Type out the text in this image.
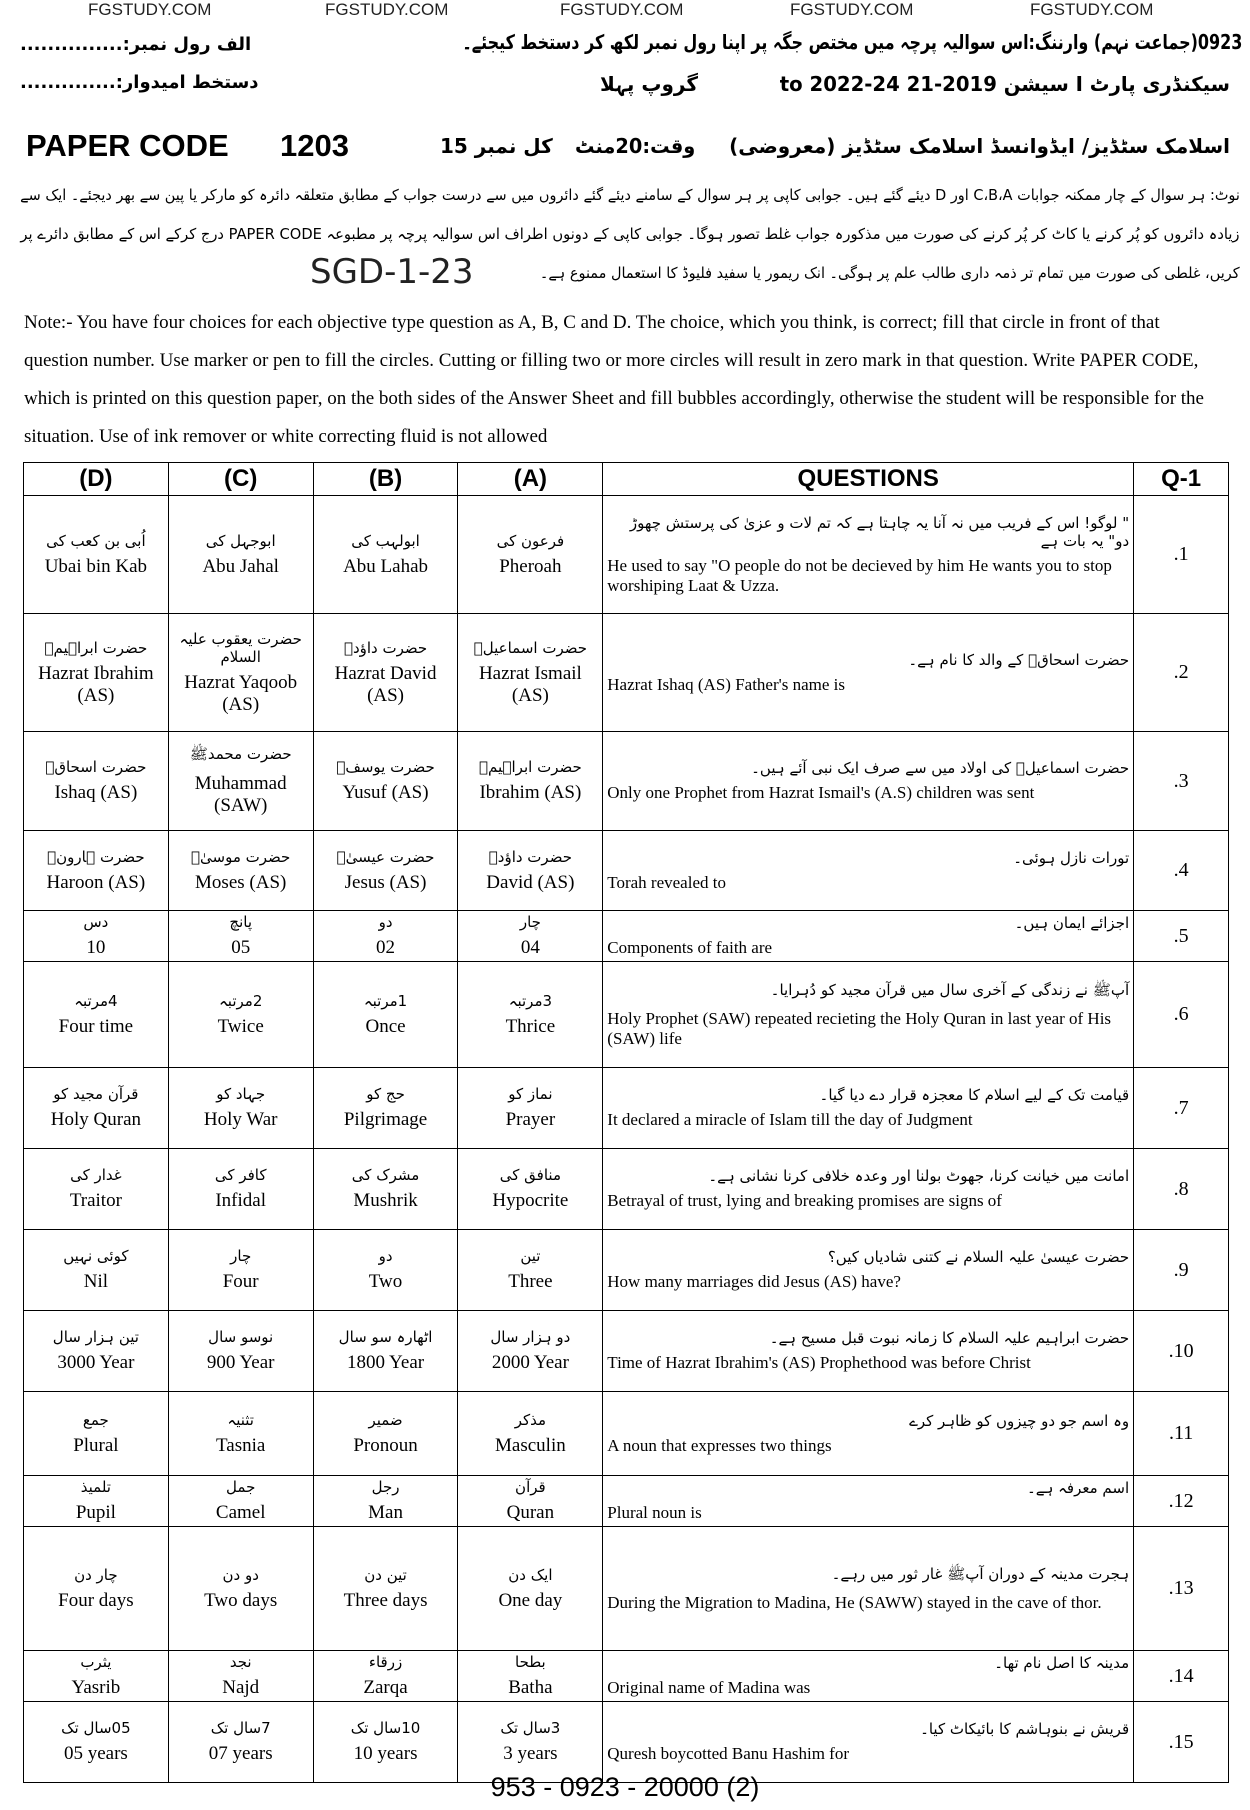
FGSTUDY.COM	FGSTUDY.COM	FGSTUDY.COM	FGSTUDY.COM	FGSTUDY.COM
0923(جماعت نہم) وارننگ:اس سوالیہ پرچہ میں مختص جگہ پر اپنا رول نمبر لکھ کر دستخط کیجئے۔
الف رول نمبر:...............
دستخط امیدوار:..............	گروپ پہلا	سیکنڈری پارٹ I سیشن 2019-21 to 2022-24
PAPER CODE 1203	کل نمبر 15 وقت:20منٹ اسلامک سٹڈیز/ ایڈوانسڈ اسلامک سٹڈیز (معروضی)
نوٹ: ہر سوال کے چار ممکنہ جوابات C،B،A اور D دیئے گئے ہیں۔ جوابی کاپی پر ہر سوال کے سامنے دیئے گئے دائروں میں سے درست جواب کے مطابق متعلقہ دائرہ کو مارکر یا پین سے بھر دیجئے۔ ایک سے
زیادہ دائروں کو پُر کرنے یا کاٹ کر پُر کرنے کی صورت میں مذکورہ جواب غلط تصور ہوگا۔ جوابی کاپی کے دونوں اطراف اس سوالیہ پرچہ پر مطبوعہ PAPER CODE درج کرکے اس کے مطابق دائرے پر
کریں، غلطی کی صورت میں تمام تر ذمہ داری طالب علم پر ہوگی۔ انک ریمور یا سفید فلیوڈ کا استعمال ممنوع ہے۔
SGD-1-23
Note:- You have four choices for each objective type question as A, B, C and D. The choice, which you think, is correct; fill that circle in front of that question number. Use marker or pen to fill the circles. Cutting or filling two or more circles will result in zero mark in that question. Write PAPER CODE, which is printed on this question paper, on the both sides of the Answer Sheet and fill bubbles accordingly, otherwise the student will be responsible for the situation. Use of ink remover or white correcting fluid is not allowed
(D)	(C)	(B)	(A)	QUESTIONS	Q-1

اُبی بن کعب کی
Ubai bin Kab	ابوجہل کی
Abu Jahal	ابولہب کی
Abu Lahab	فرعون کی
Pheroah	" لوگو! اس کے فریب میں نہ آنا یہ چاہتا ہے کہ تم لات و عزیٰ کی پرستش چھوڑ دو" یہ بات ہے
He used to say "O people do not be decieved by him He wants you to stop worshiping Laat & Uzza.	.1

حضرت ابراہیمؑ
Hazrat Ibrahim (AS)	حضرت یعقوب علیہ السلام
Hazrat Yaqoob (AS)	حضرت داؤدؑ
Hazrat David (AS)	حضرت اسماعیلؑ
Hazrat Ismail (AS)	حضرت اسحاقؑ کے والد کا نام ہے۔
Hazrat Ishaq (AS) Father's name is	.2

حضرت اسحاقؑ
Ishaq (AS)	حضرت محمدﷺ
Muhammad (SAW)	حضرت یوسفؑ
Yusuf (AS)	حضرت ابراہیمؑ
Ibrahim (AS)	حضرت اسماعیلؑ کی اولاد میں سے صرف ایک نبی آئے ہیں۔
Only one Prophet from Hazrat Ismail's (A.S) children was sent	.3

حضرت ہارونؑ
Haroon (AS)	حضرت موسیٰؑ
Moses (AS)	حضرت عیسیٰؑ
Jesus (AS)	حضرت داؤدؑ
David (AS)	تورات نازل ہوئی۔
Torah revealed to	.4

دس
10	پانچ
05	دو
02	چار
04	اجزائے ایمان ہیں۔
Components of faith are	.5

4مرتبہ
Four time	2مرتبہ
Twice	1مرتبہ
Once	3مرتبہ
Thrice	آپﷺ نے زندگی کے آخری سال میں قرآن مجید کو دُہرایا۔
Holy Prophet (SAW) repeated recieting the Holy Quran in last year of His (SAW) life	.6

قرآن مجید کو
Holy Quran	جہاد کو
Holy War	حج کو
Pilgrimage	نماز کو
Prayer	قیامت تک کے لیے اسلام کا معجزہ قرار دے دیا گیا۔
It declared a miracle of Islam till the day of Judgment	.7

غدار کی
Traitor	کافر کی
Infidal	مشرک کی
Mushrik	منافق کی
Hypocrite	امانت میں خیانت کرنا، جھوٹ بولنا اور وعدہ خلافی کرنا نشانی ہے۔
Betrayal of trust, lying and breaking promises are signs of	.8

کوئی نہیں
Nil	چار
Four	دو
Two	تین
Three	حضرت عیسیٰ علیہ السلام نے کتنی شادیاں کیں؟
How many marriages did Jesus (AS) have?	.9

تین ہزار سال
3000 Year	نوسو سال
900 Year	اٹھارہ سو سال
1800 Year	دو ہزار سال
2000 Year	حضرت ابراہیم علیہ السلام کا زمانہ نبوت قبل مسیح ہے۔
Time of Hazrat Ibrahim's (AS) Prophethood was before Christ	.10

جمع
Plural	تثنیہ
Tasnia	ضمیر
Pronoun	مذکر
Masculin	وہ اسم جو دو چیزوں کو ظاہر کرے
A noun that expresses two things	.11

تلمیذ
Pupil	جمل
Camel	رجل
Man	قرآن
Quran	اسم معرفہ ہے۔
Plural noun is	.12

چار دن
Four days	دو دن
Two days	تین دن
Three days	ایک دن
One day	ہجرت مدینہ کے دوران آپﷺ غار ثور میں رہے۔
During the Migration to Madina, He (SAWW) stayed in the cave of thor.	.13

یثرب
Yasrib	نجد
Najd	زرقاء
Zarqa	بطحا
Batha	مدینہ کا اصل نام تھا۔
Original name of Madina was	.14

05سال تک
05 years	7سال تک
07 years	10سال تک
10 years	3سال تک
3 years	قریش نے بنوہاشم کا بائیکاٹ کیا۔
Quresh boycotted Banu Hashim for	.15
953 - 0923 - 20000 (2)
